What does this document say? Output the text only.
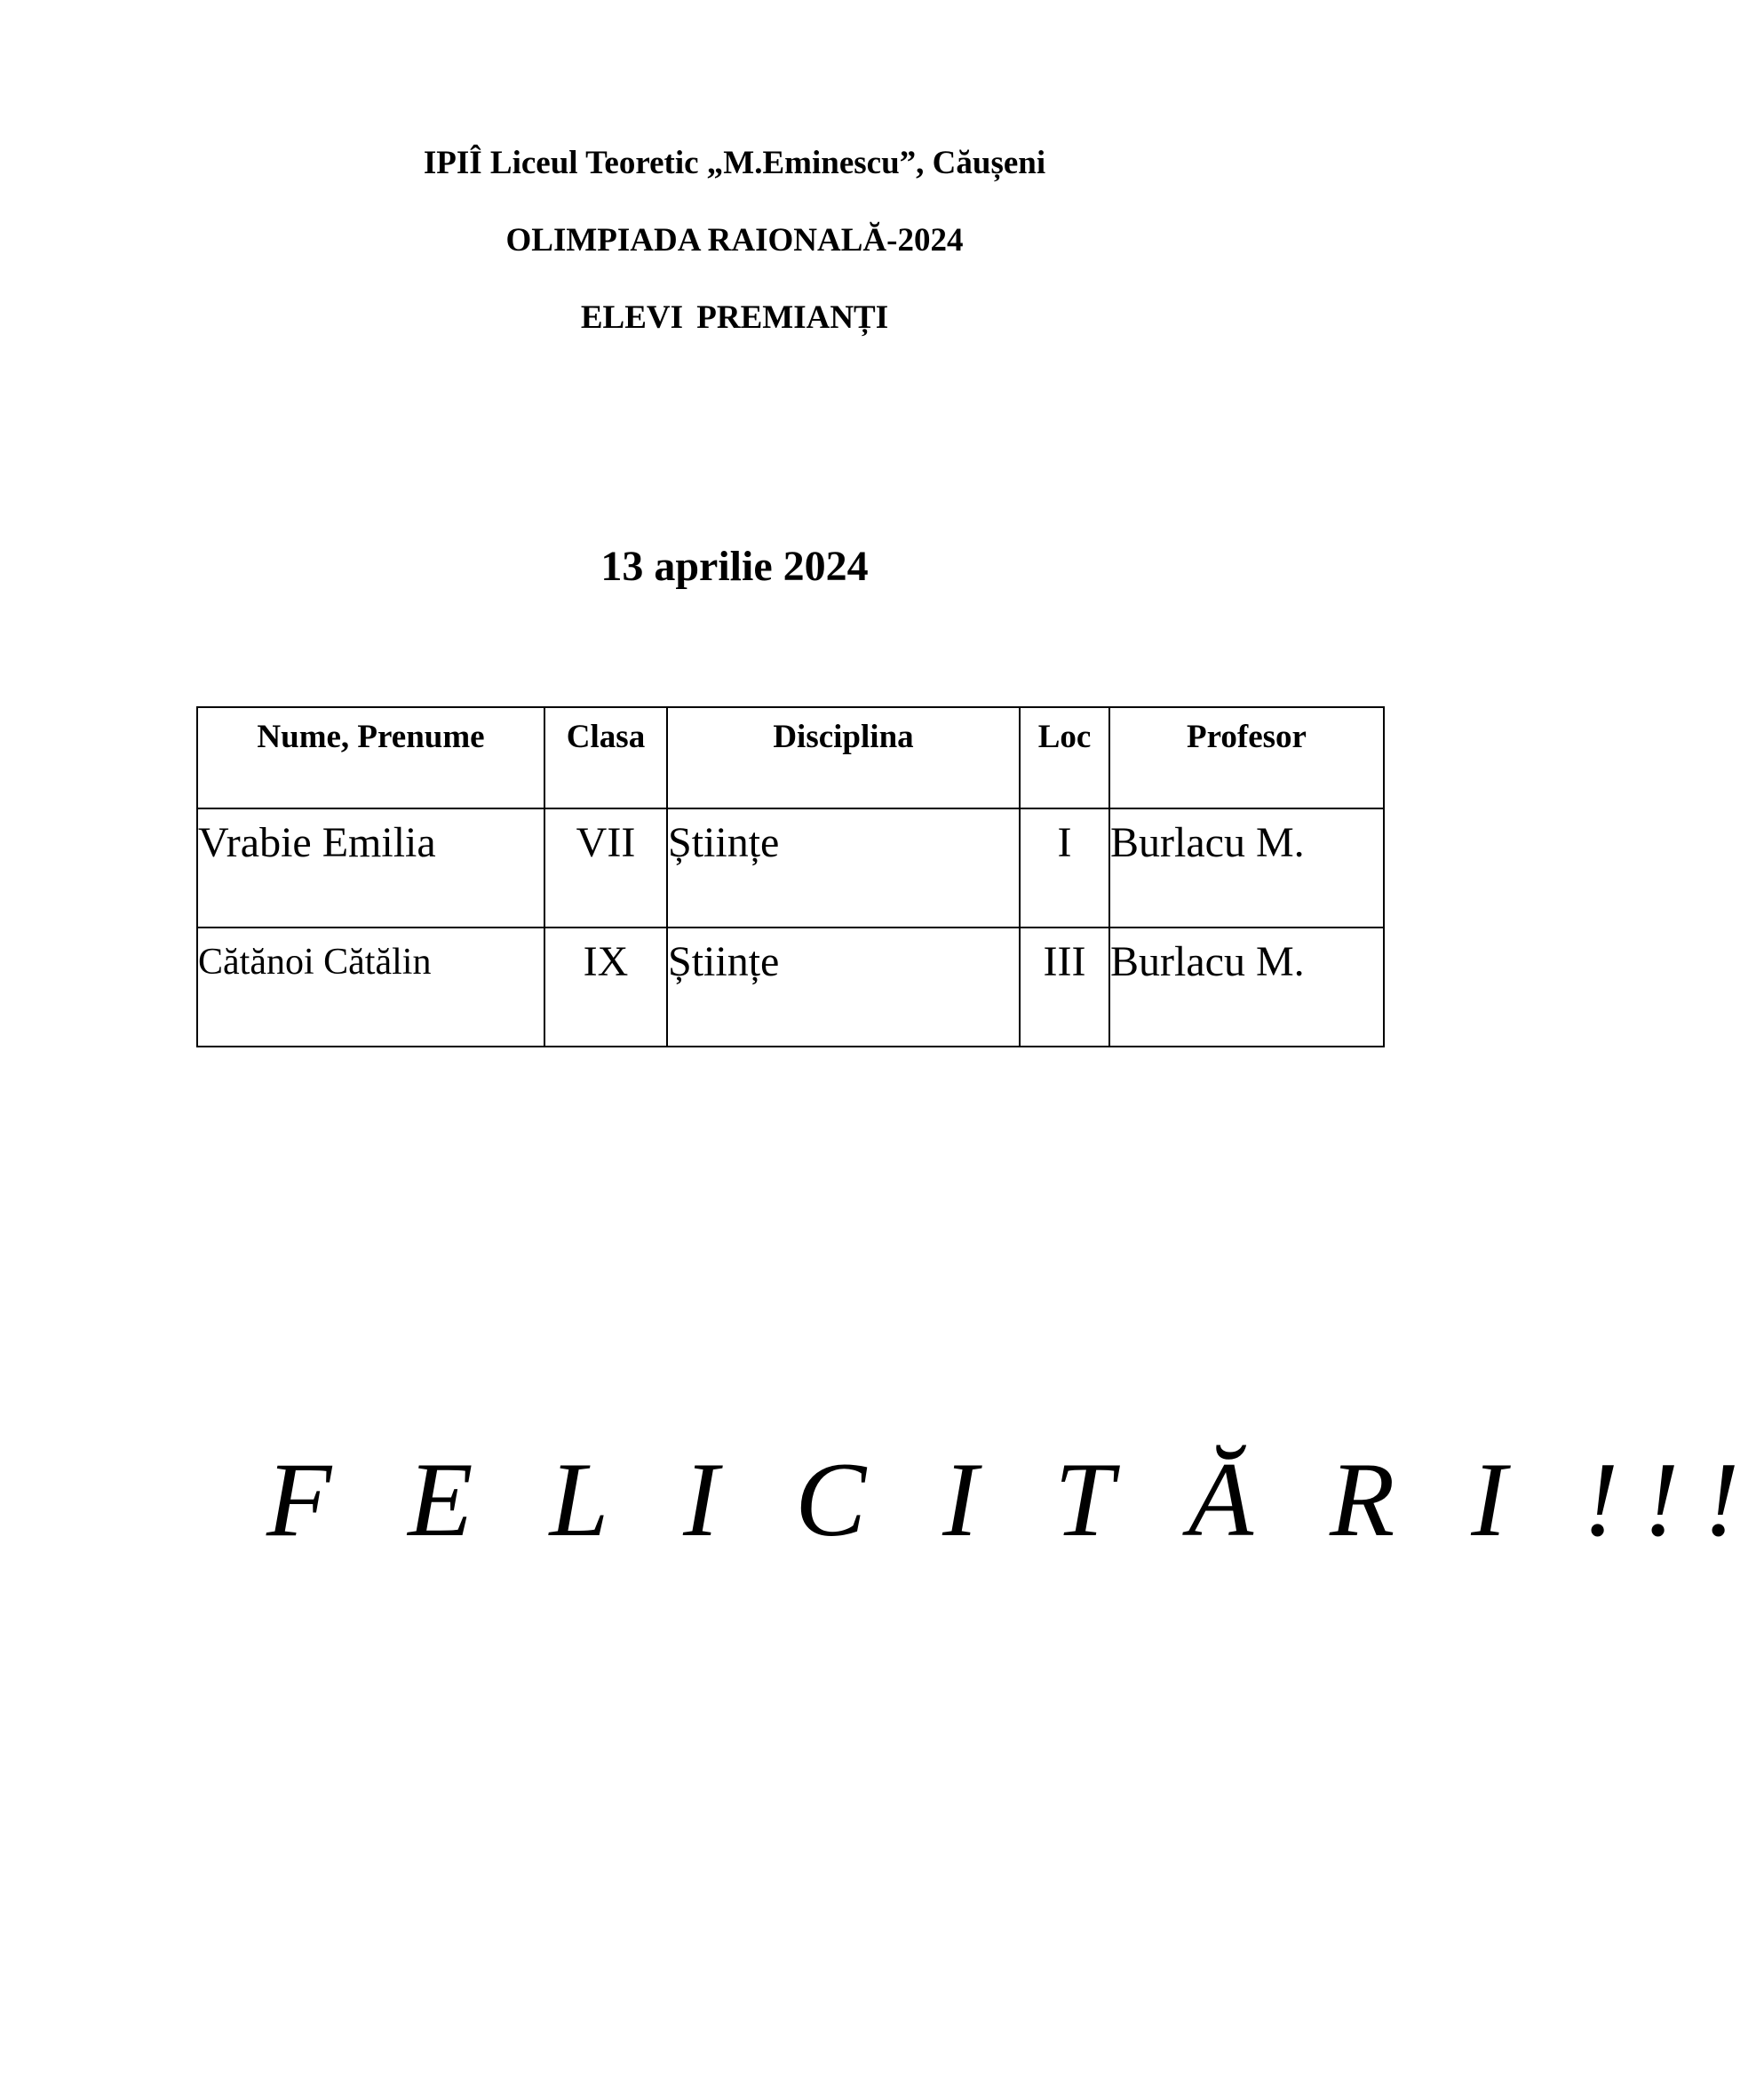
IPIÎ Liceul Teoretic „M.Eminescu”, Căușeni
OLIMPIADA RAIONALĂ-2024
ELEVI PREMIANȚI
13 aprilie 2024
Nume, Prenume	Clasa	Disciplina	Loc	Profesor
Vrabie Emilia	VII	Științe	I	Burlacu M.
Cătănoi Cătălin	IX	Științe	III	Burlacu M.
F E L I C I T Ă R I !!!
